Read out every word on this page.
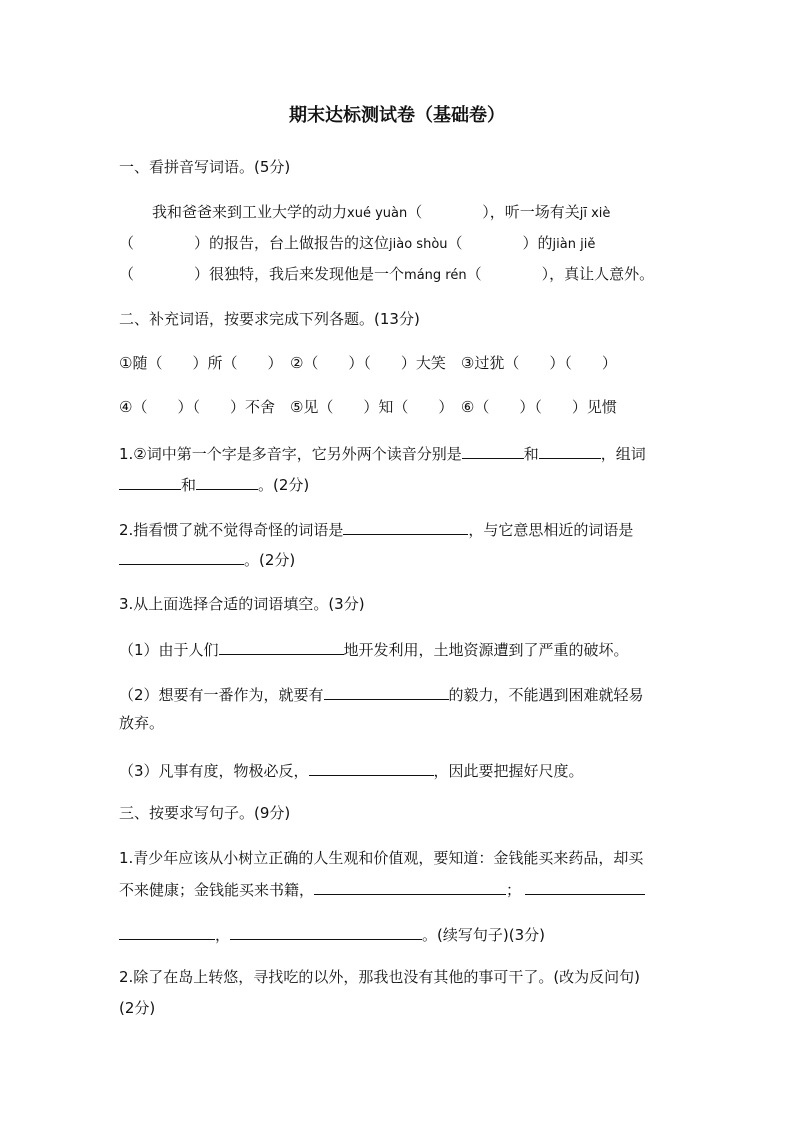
期末达标测试卷（基础卷）
一、看拼音写词语。(5分)
我和爸爸来到工业大学的动力xué yuàn（　　　　），听一场有关jī xiè
（　　　　）的报告，台上做报告的这位jiào shòu（　　　　）的jiàn jiě
（　　　　）很独特，我后来发现他是一个máng rén（　　　　），真让人意外。
二、补充词语，按要求完成下列各题。(13分)
①随（　　）所（　　）　②（　　）（　　）大笑　③过犹（　　）（　　）
④（　　）（　　）不舍　⑤见（　　）知（　　）　⑥（　　）（　　）见惯
1.②词中第一个字是多音字，它另外两个读音分别是	和	，组词
和	。(2分)
2.指看惯了就不觉得奇怪的词语是	，与它意思相近的词语是
。(2分)
3.从上面选择合适的词语填空。(3分)
（1）由于人们	地开发利用，土地资源遭到了严重的破坏。
（2）想要有一番作为，就要有	的毅力，不能遇到困难就轻易
放弃。
（3）凡事有度，物极必反，	，因此要把握好尺度。
三、按要求写句子。(9分)
1.青少年应该从小树立正确的人生观和价值观，要知道：金钱能买来药品，却买
不来健康；金钱能买来书籍，	；
，	。(续写句子)(3分)
2.除了在岛上转悠，寻找吃的以外，那我也没有其他的事可干了。(改为反问句)
(2分)
